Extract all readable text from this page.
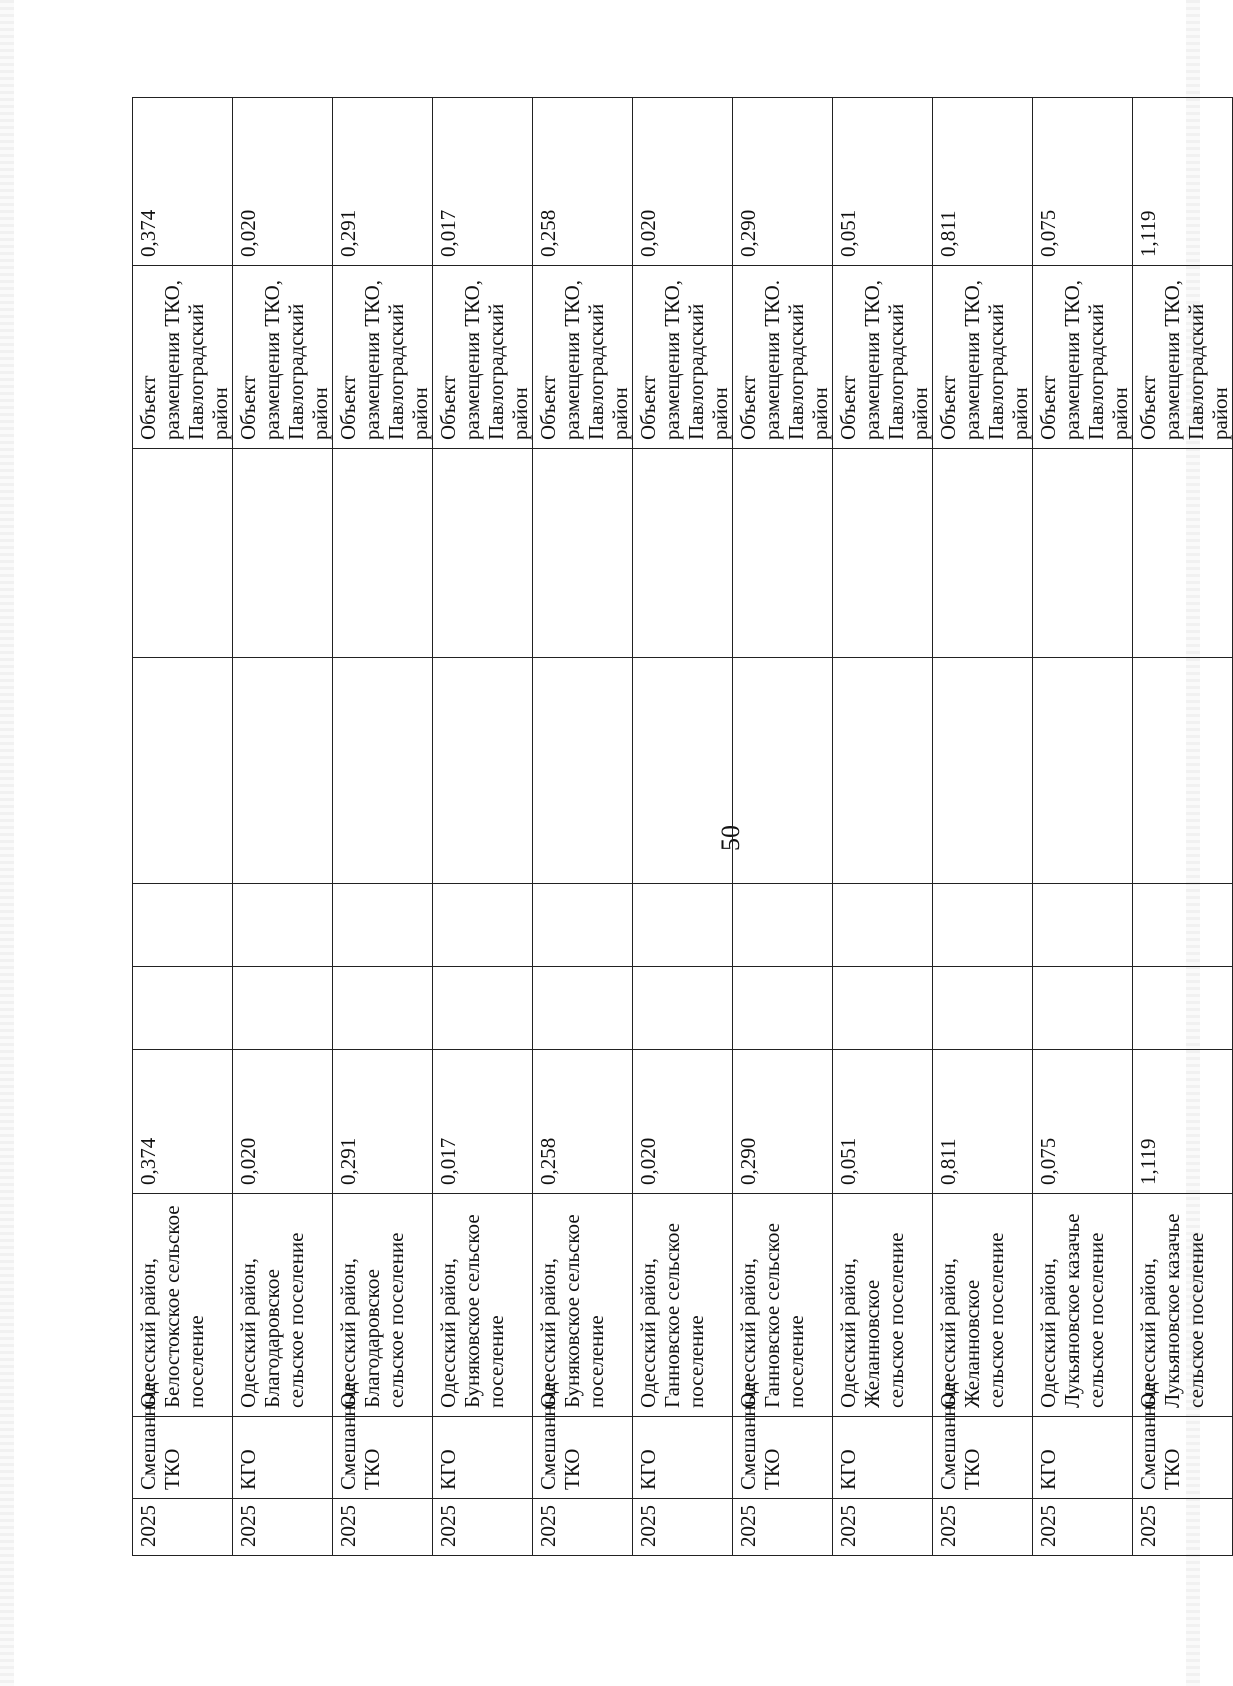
50
2025	Смешанные ТКО	Одесский район, Белостокское сельское поселение	0,374					Объект размещения ТКО, Павлоградский район	0,374
2025	КГО	Одесский район, Благодаровское сельское поселение	0,020					Объект размещения ТКО, Павлоградский район	0,020
2025	Смешанные ТКО	Одесский район, Благодаровское сельское поселение	0,291					Объект размещения ТКО, Павлоградский район	0,291
2025	КГО	Одесский район, Буняковское сельское поселение	0,017					Объект размещения ТКО, Павлоградский район	0,017
2025	Смешанные ТКО	Одесский район, Буняковское сельское поселение	0,258					Объект размещения ТКО, Павлоградский район	0,258
2025	КГО	Одесский район, Ганновское сельское поселение	0,020					Объект размещения ТКО, Павлоградский район	0,020
2025	Смешанные ТКО	Одесский район, Ганновское сельское поселение	0,290					Объект размещения ТКО. Павлоградский район	0,290
2025	КГО	Одесский район, Желанновское сельское поселение	0,051					Объект размещения ТКО, Павлоградский район	0,051
2025	Смешанные ТКО	Одесский район, Желанновское сельское поселение	0,811					Объект размещения ТКО, Павлоградский район	0,811
2025	КГО	Одесский район, Лукьяновское казачье сельское поселение	0,075					Объект размещения ТКО, Павлоградский район	0,075
2025	Смешанные ТКО	Одесский район, Лукьяновское казачье сельское поселение	1,119					Объект размещения ТКО, Павлоградский район	1,119
